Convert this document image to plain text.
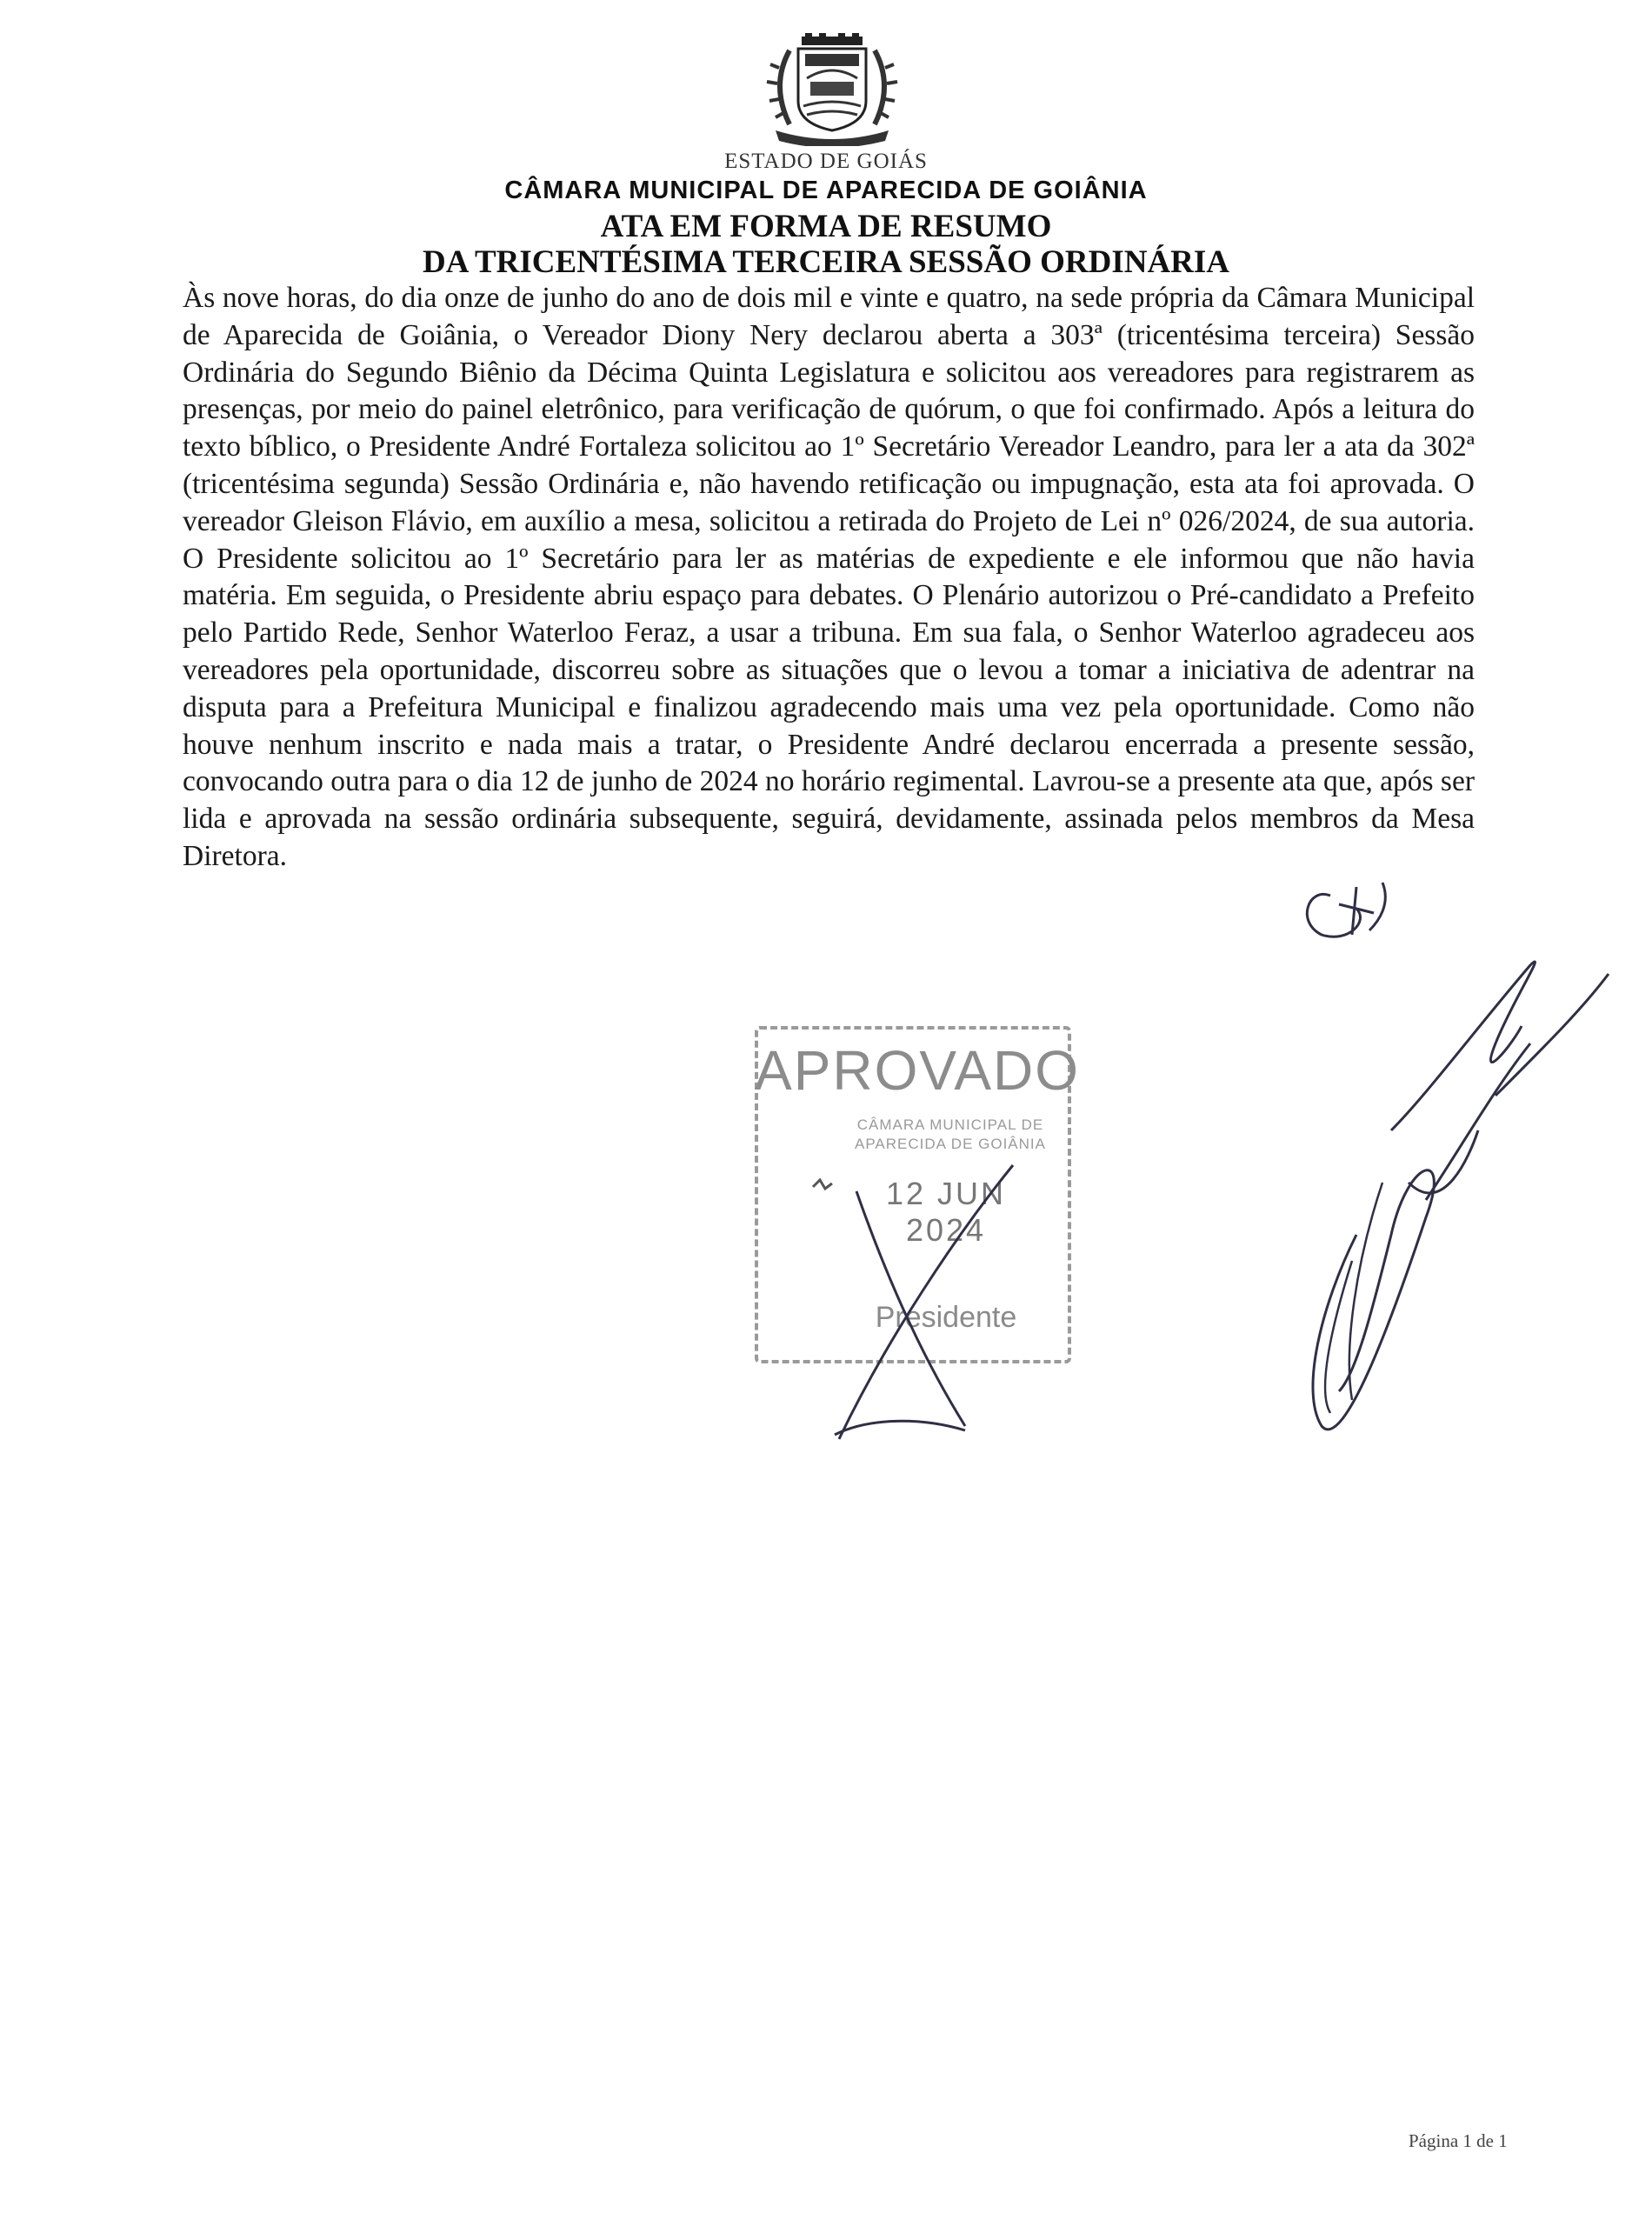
ESTADO DE GOIÁS
CÂMARA MUNICIPAL DE APARECIDA DE GOIÂNIA
ATA EM FORMA DE RESUMO
DA TRICENTÉSIMA TERCEIRA SESSÃO ORDINÁRIA

Às nove horas, do dia onze de junho do ano de dois mil e vinte e quatro, na sede própria da Câmara Municipal de Aparecida de Goiânia, o Vereador Diony Nery declarou aberta a 303ª (tricentésima terceira) Sessão Ordinária do Segundo Biênio da Décima Quinta Legislatura e solicitou aos vereadores para registrarem as presenças, por meio do painel eletrônico, para verificação de quórum, o que foi confirmado. Após a leitura do texto bíblico, o Presidente André Fortaleza solicitou ao 1º Secretário Vereador Leandro, para ler a ata da 302ª (tricentésima segunda) Sessão Ordinária e, não havendo retificação ou impugnação, esta ata foi aprovada. O vereador Gleison Flávio, em auxílio a mesa, solicitou a retirada do Projeto de Lei nº 026/2024, de sua autoria. O Presidente solicitou ao 1º Secretário para ler as matérias de expediente e ele informou que não havia matéria. Em seguida, o Presidente abriu espaço para debates. O Plenário autorizou o Pré-candidato a Prefeito pelo Partido Rede, Senhor Waterloo Feraz, a usar a tribuna. Em sua fala, o Senhor Waterloo agradeceu aos vereadores pela oportunidade, discorreu sobre as situações que o levou a tomar a iniciativa de adentrar na disputa para a Prefeitura Municipal e finalizou agradecendo mais uma vez pela oportunidade. Como não houve nenhum inscrito e nada mais a tratar, o Presidente André declarou encerrada a presente sessão, convocando outra para o dia 12 de junho de 2024 no horário regimental. Lavrou-se a presente ata que, após ser lida e aprovada na sessão ordinária subsequente, seguirá, devidamente, assinada pelos membros da Mesa Diretora.

APROVADO
CÂMARA MUNICIPAL DE
APARECIDA DE GOIÂNIA
12 JUN 2024
Presidente
Página 1 de 1
